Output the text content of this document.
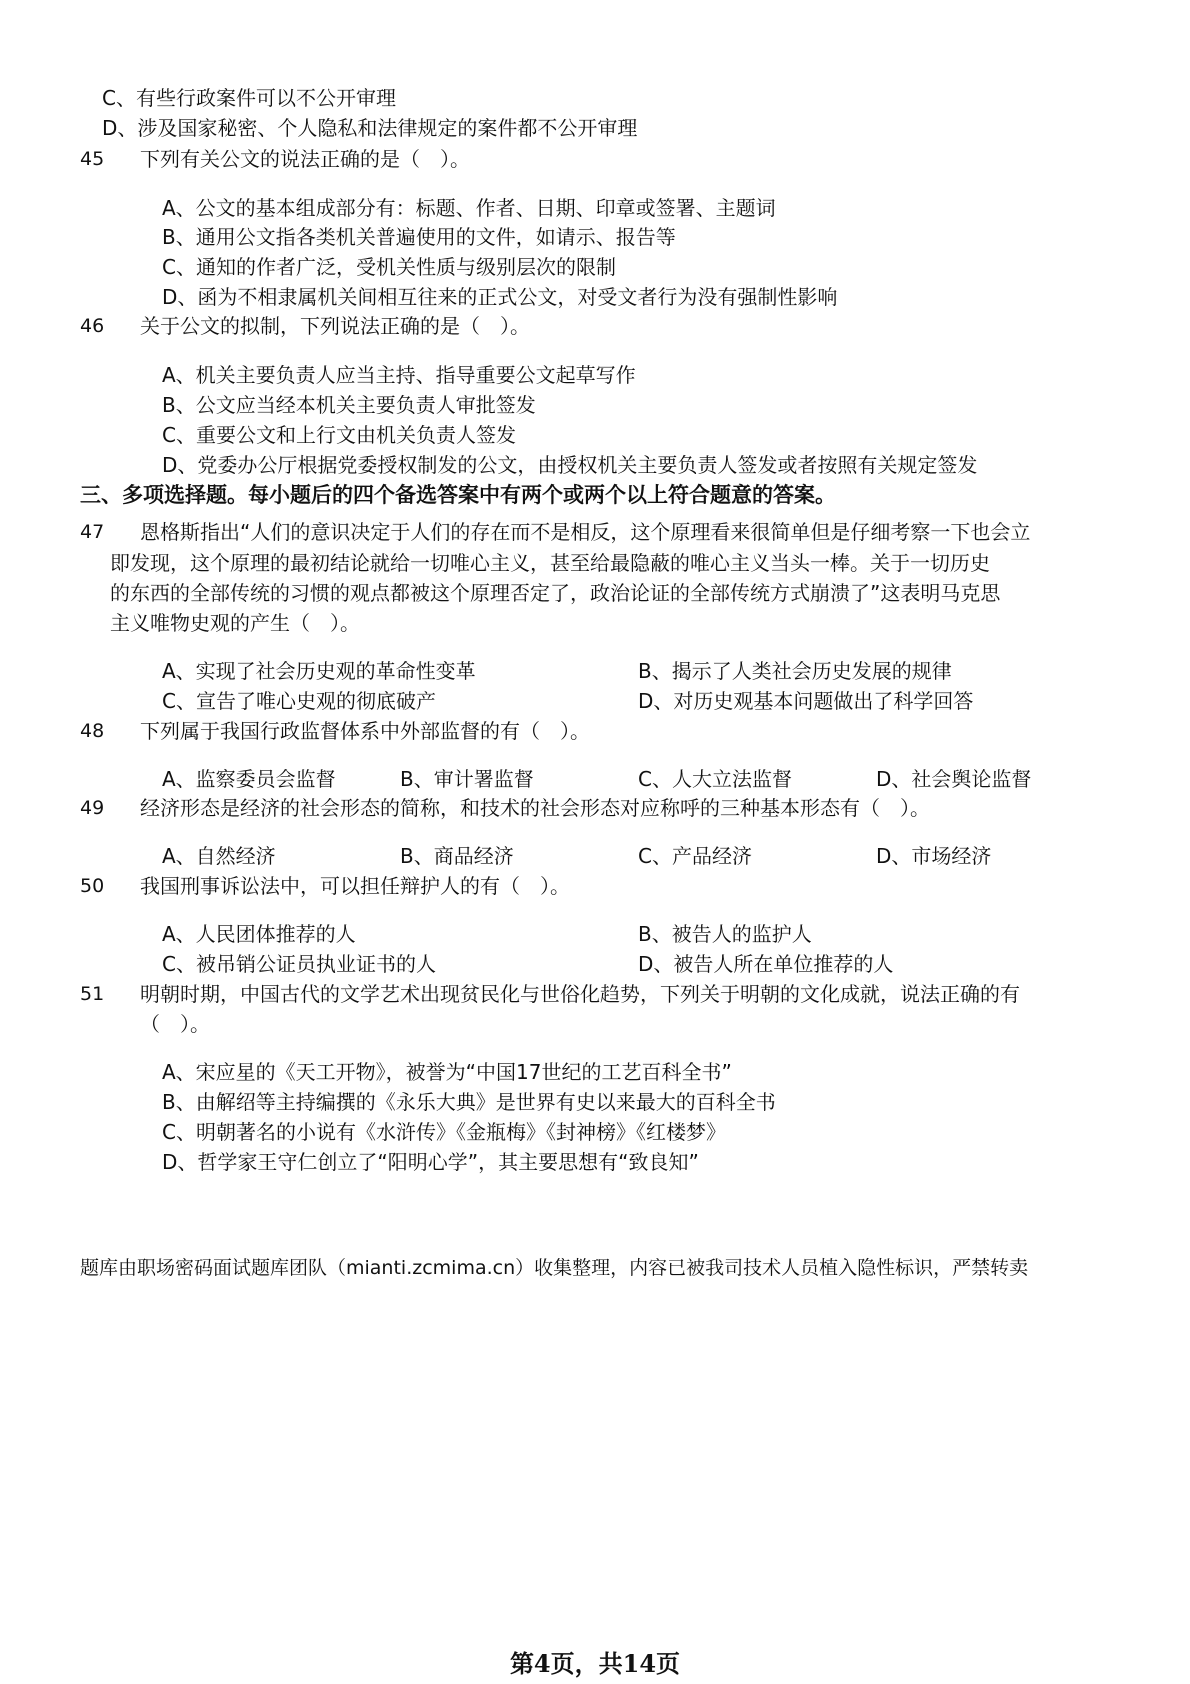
C、有些行政案件可以不公开审理
D、涉及国家秘密、个人隐私和法律规定的案件都不公开审理
45 下列有关公文的说法正确的是（　）。
A、公文的基本组成部分有：标题、作者、日期、印章或签署、主题词
B、通用公文指各类机关普遍使用的文件，如请示、报告等
C、通知的作者广泛，受机关性质与级别层次的限制
D、函为不相隶属机关间相互往来的正式公文，对受文者行为没有强制性影响
46 关于公文的拟制，下列说法正确的是（　）。
A、机关主要负责人应当主持、指导重要公文起草写作
B、公文应当经本机关主要负责人审批签发
C、重要公文和上行文由机关负责人签发
D、党委办公厅根据党委授权制发的公文，由授权机关主要负责人签发或者按照有关规定签发
三、多项选择题。每小题后的四个备选答案中有两个或两个以上符合题意的答案。
47 恩格斯指出“人们的意识决定于人们的存在而不是相反，这个原理看来很简单但是仔细考察一下也会立
即发现，这个原理的最初结论就给一切唯心主义，甚至给最隐蔽的唯心主义当头一棒。关于一切历史
的东西的全部传统的习惯的观点都被这个原理否定了，政治论证的全部传统方式崩溃了”这表明马克思
主义唯物史观的产生（　）。
A、实现了社会历史观的革命性变革	B、揭示了人类社会历史发展的规律
C、宣告了唯心史观的彻底破产	D、对历史观基本问题做出了科学回答
48 下列属于我国行政监督体系中外部监督的有（　）。
A、监察委员会监督	B、审计署监督	C、人大立法监督	D、社会舆论监督
49 经济形态是经济的社会形态的简称，和技术的社会形态对应称呼的三种基本形态有（　）。
A、自然经济	B、商品经济	C、产品经济	D、市场经济
50 我国刑事诉讼法中，可以担任辩护人的有（　）。
A、人民团体推荐的人	B、被告人的监护人
C、被吊销公证员执业证书的人	D、被告人所在单位推荐的人
51 明朝时期，中国古代的文学艺术出现贫民化与世俗化趋势，下列关于明朝的文化成就，说法正确的有
（　）。
A、宋应星的《天工开物》，被誉为“中国17世纪的工艺百科全书”
B、由解绍等主持编撰的《永乐大典》是世界有史以来最大的百科全书
C、明朝著名的小说有《水浒传》《金瓶梅》《封神榜》《红楼梦》
D、哲学家王守仁创立了“阳明心学”，其主要思想有“致良知”
题库由职场密码面试题库团队（mianti.zcmima.cn）收集整理，内容已被我司技术人员植入隐性标识，严禁转卖
第4页，共14页
